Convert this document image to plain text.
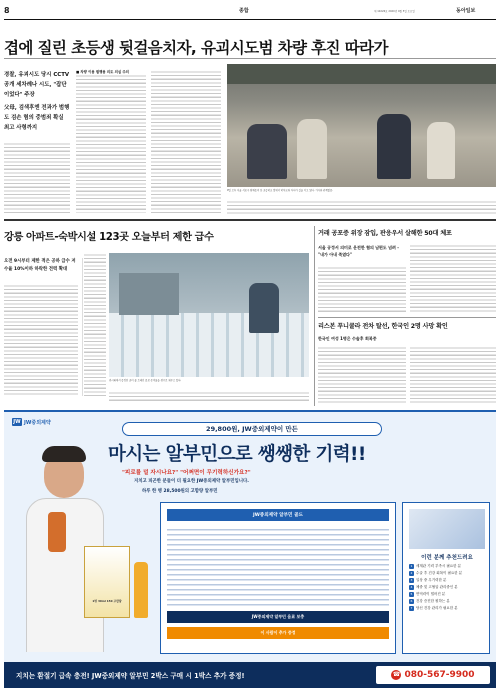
8	종합	제 10226호 2020년 9월 5일 토요일	동아일보
겹에 질린 초등생 뒷걸음치자, 유괴시도범 차량 후진 따라가
경찰, 유괴시도 당시 CCTV 공개 세차례나 시도, "잡단이었다" 주장
父母, 검색후엔 전과가 범행도 검손 혐의 중범죄 확실 최고 사형까지
■ 차량 이용 범행용 의도 의심 주의
9일 오후 서울 서초구 양재동의 한 초등학교 앞에서 학부모와 자녀가 길을 가고 있다. 기사와 관계없음.
강릉 아파트-숙박시설 123곳 오늘부터 제한 급수
오전 9시부터 제한 적은 공하 급수 저수율 10%이하 하락한 전력 확대
전시회에서 증정된 곳의 물 트레인 음료 준비물을 생수로 채우고 있다.
거래 공포증 위장 잠입, 판응우서 살해한 50대 체포
서울 공정서 의미로 운전한 혐의 남편도 넘려 - "내가 아내 죽였다"
리스본 푸니쿨라 전차 탈선, 한국인 2명 사망 확인
한국인 여성 1명은 수술후 회복중
JW JW중외제약
29,800원, JW중외제약이 만든
마시는 알부민으로 쌩쌩한 기력!!
"피로를 덜 자시나요?" "어쩌면이 무기력하신가요?"
지치고 피곤한 분들이 더 필요한 JW중외제약 알부민입니다.
하루 한 병 28,500원의 고함량 알부민
1병 30ml 150 고함량
JW중외제약 알부민 골드
JW중외제약 알부민 음료 보충
이 사람이 추가 증정
이런 분께 추천드려요
1 세계관 기력 부족시 필요한 분
2 수술 후 건강 회복이 필요한 분
3 일상 중 무기력한 분
4 체중 및 고혈압 관리중인 분
5 면역력이 떨어진 분
6 건강 증진한 원하는 분
7 당신 건강 관리가 필요한 분
지치는 환절기 급속 충전! JW중외제약 알부민 2박스 구매 시 1박스 추가 증정!	☎ 080-567-9900
